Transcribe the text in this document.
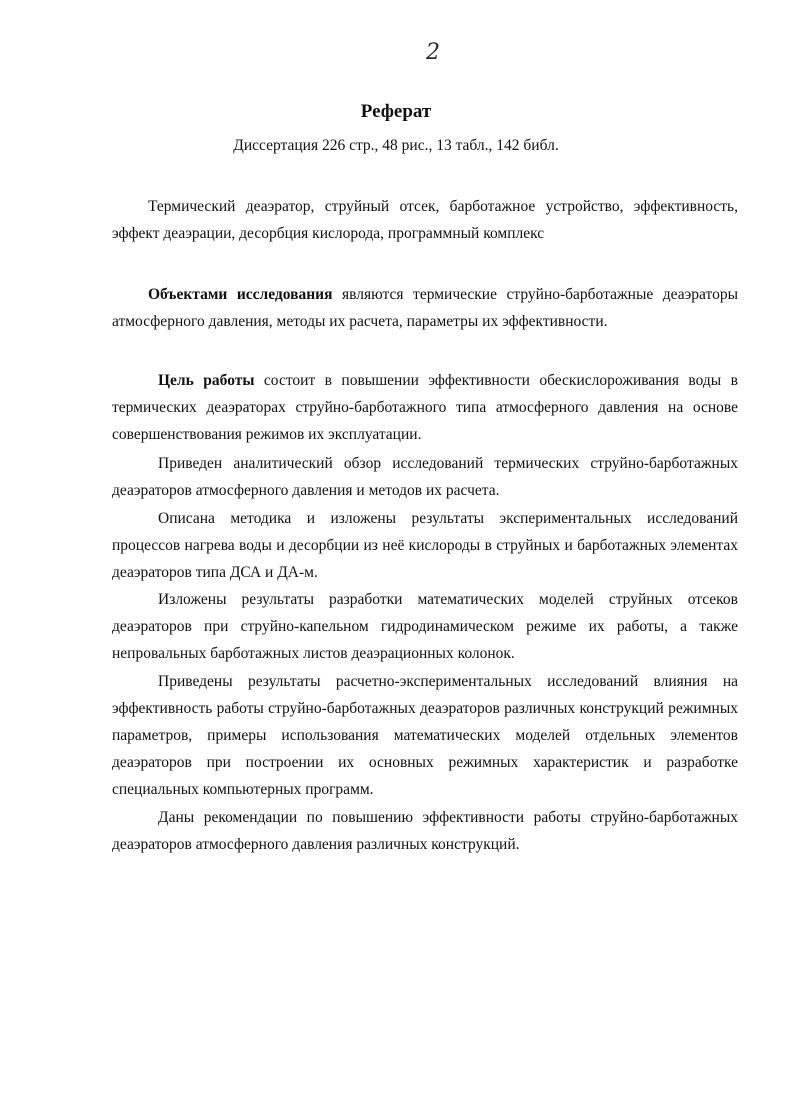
2
Реферат
Диссертация 226 стр., 48 рис., 13 табл., 142 библ.

Термический деаэратор, струйный отсек, барботажное устройство, эффективность, эффект деаэрации, десорбция кислорода, программный комплекс

Объектами исследования являются термические струйно-барботажные деаэраторы атмосферного давления, методы их расчета, параметры их эффективности.

Цель работы состоит в повышении эффективности обескислороживания воды в термических деаэраторах струйно-барботажного типа атмосферного давления на основе совершенствования режимов их эксплуатации.

Приведен аналитический обзор исследований термических струйно-барботажных деаэраторов атмосферного давления и методов их расчета.

Описана методика и изложены результаты экспериментальных исследований процессов нагрева воды и десорбции из неё кислороды в струйных и барботажных элементах деаэраторов типа ДСА и ДА-м.

Изложены результаты разработки математических моделей струйных отсеков деаэраторов при струйно-капельном гидродинамическом режиме их работы, а также непровальных барботажных листов деаэрационных колонок.

Приведены результаты расчетно-экспериментальных исследований влияния на эффективность работы струйно-барботажных деаэраторов различных конструкций режимных параметров, примеры использования математических моделей отдельных элементов деаэраторов при построении их основных режимных характеристик и разработке специальных компьютерных программ.

Даны рекомендации по повышению эффективности работы струйно-барботажных деаэраторов атмосферного давления различных конструкций.
